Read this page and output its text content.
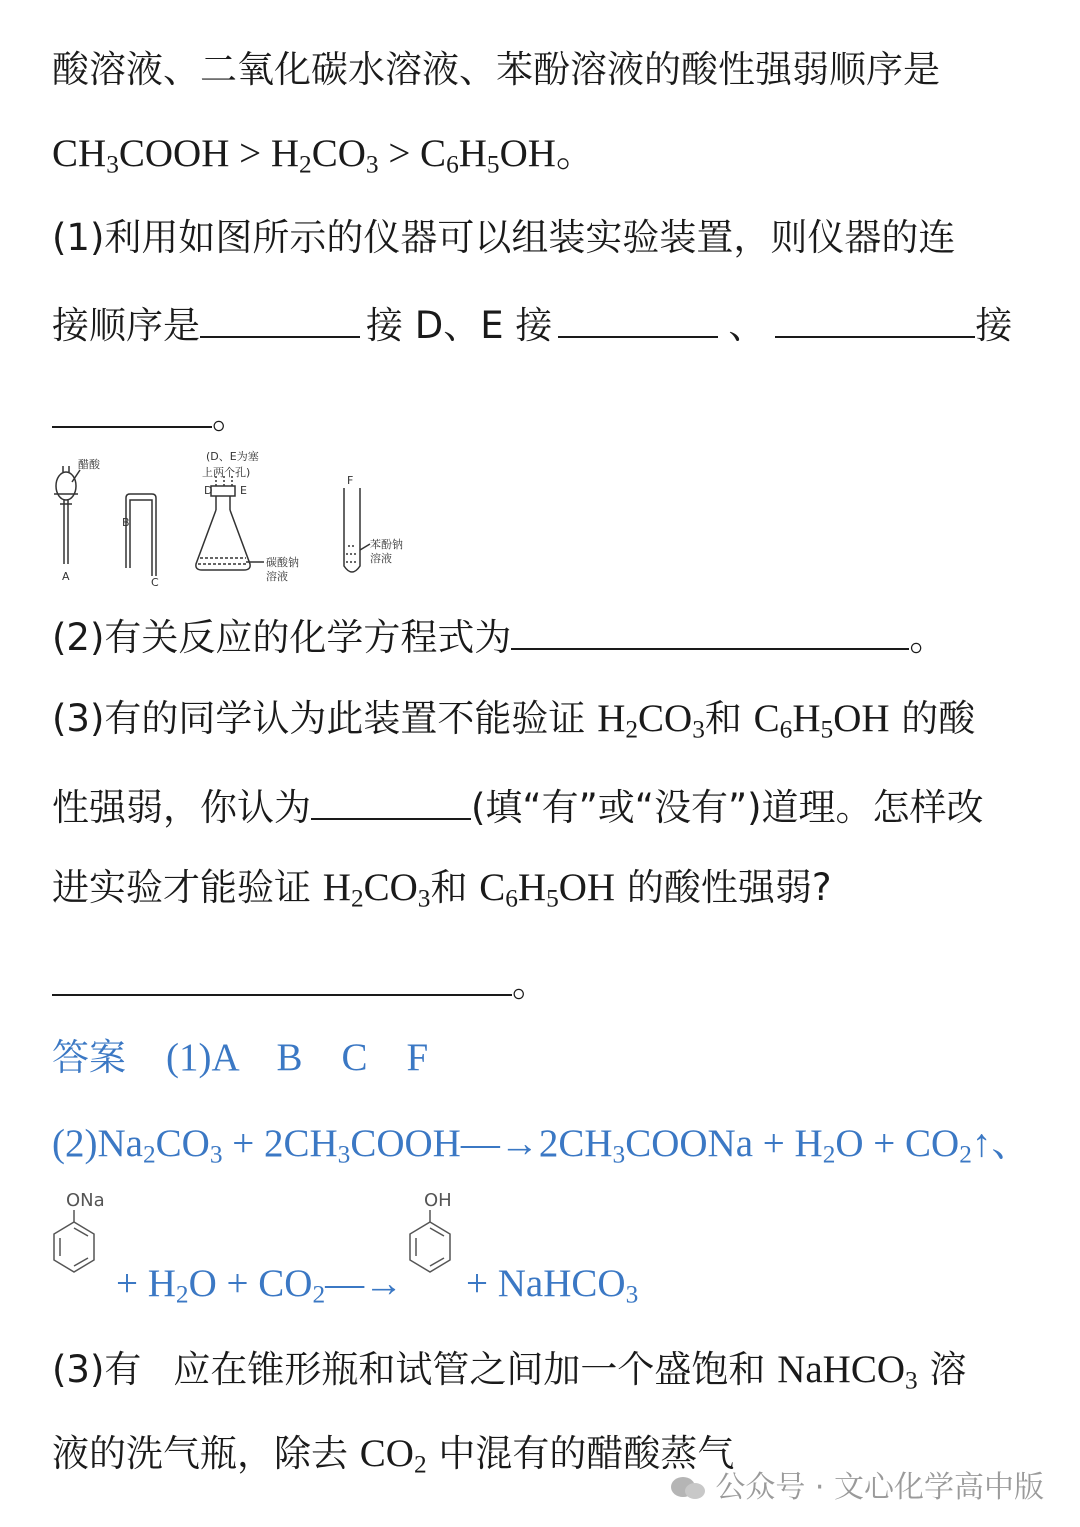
酸溶液、二氧化碳水溶液、苯酚溶液的酸性强弱顺序是
$CH_3COOH > H_2CO_3 > C_6H_5OH$。
(1)利用如图所示的仪器可以组装实验装置，则仪器的连
接顺序是	接 D、E 接	、	接
。
醋酸
A
B
C
(D、E为塞
上两个孔)
D	E
碳酸钠
溶液
F
苯酚钠
溶液
(2)有关反应的化学方程式为	。
(3)有的同学认为此装置不能验证 $H_2CO_3$和 $C_6H_5OH$ 的酸
性强弱，你认为	(填“有”或“没有”)道理。怎样改
进实验才能验证 $H_2CO_3$和 $C_6H_5OH$ 的酸性强弱?
。
答案 (1)A　B　C　F
$(2)Na_2CO_3$ + $2CH_3COOH—\to 2CH_3COONa + H_2O$ + $CO_2↑$、
ONa	OH
+ $H_2O$ + $CO_2—\to$ + NaHCO$_3$
(3)有 应在锥形瓶和试管之间加一个盛饱和 NaHCO$_3$ 溶
液的洗气瓶，除去 $CO_2$ 中混有的醋酸蒸气
公众号 · 文心化学高中版
